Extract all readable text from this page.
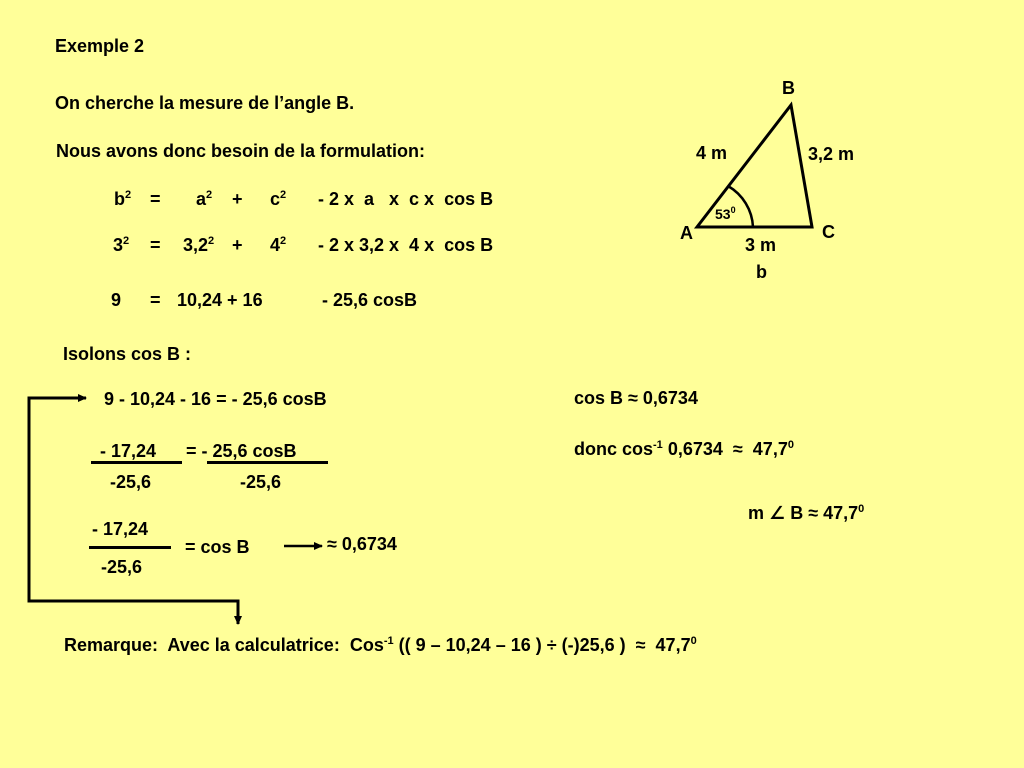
Exemple 2
On cherche la mesure de l’angle B.
Nous avons donc besoin de la formulation:
$b^2 = a^2 + c^2 - 2$ x  a   x  c x  cos B
$3^2 = 3,2^2 + 4^2 - 2$ x 3,2 x  4 x  cos B
9 = 10,24 + 16	- 25,6 cosB
Isolons cos B :
9 - 10,24 - 16 = - 25,6 cosB
- 17,24 = - 25,6 cosB
-25,6	-25,6
- 17,24
-25,6
= cos B	≈ 0,6734
cos B ≈ 0,6734
donc $\cos^{-1} 0,6734 \approx 47,7^0$
m ∠ $B \approx 47,7^0$
Remarque: Avec la calculatrice: Cos$^{-1}$ (( 9 – 10,24 – 16 ) ÷ (-)25,6 ) ≈ $47,7^0$
B
A	C
4 m	3,2 m
3 m
b
$53^0$
